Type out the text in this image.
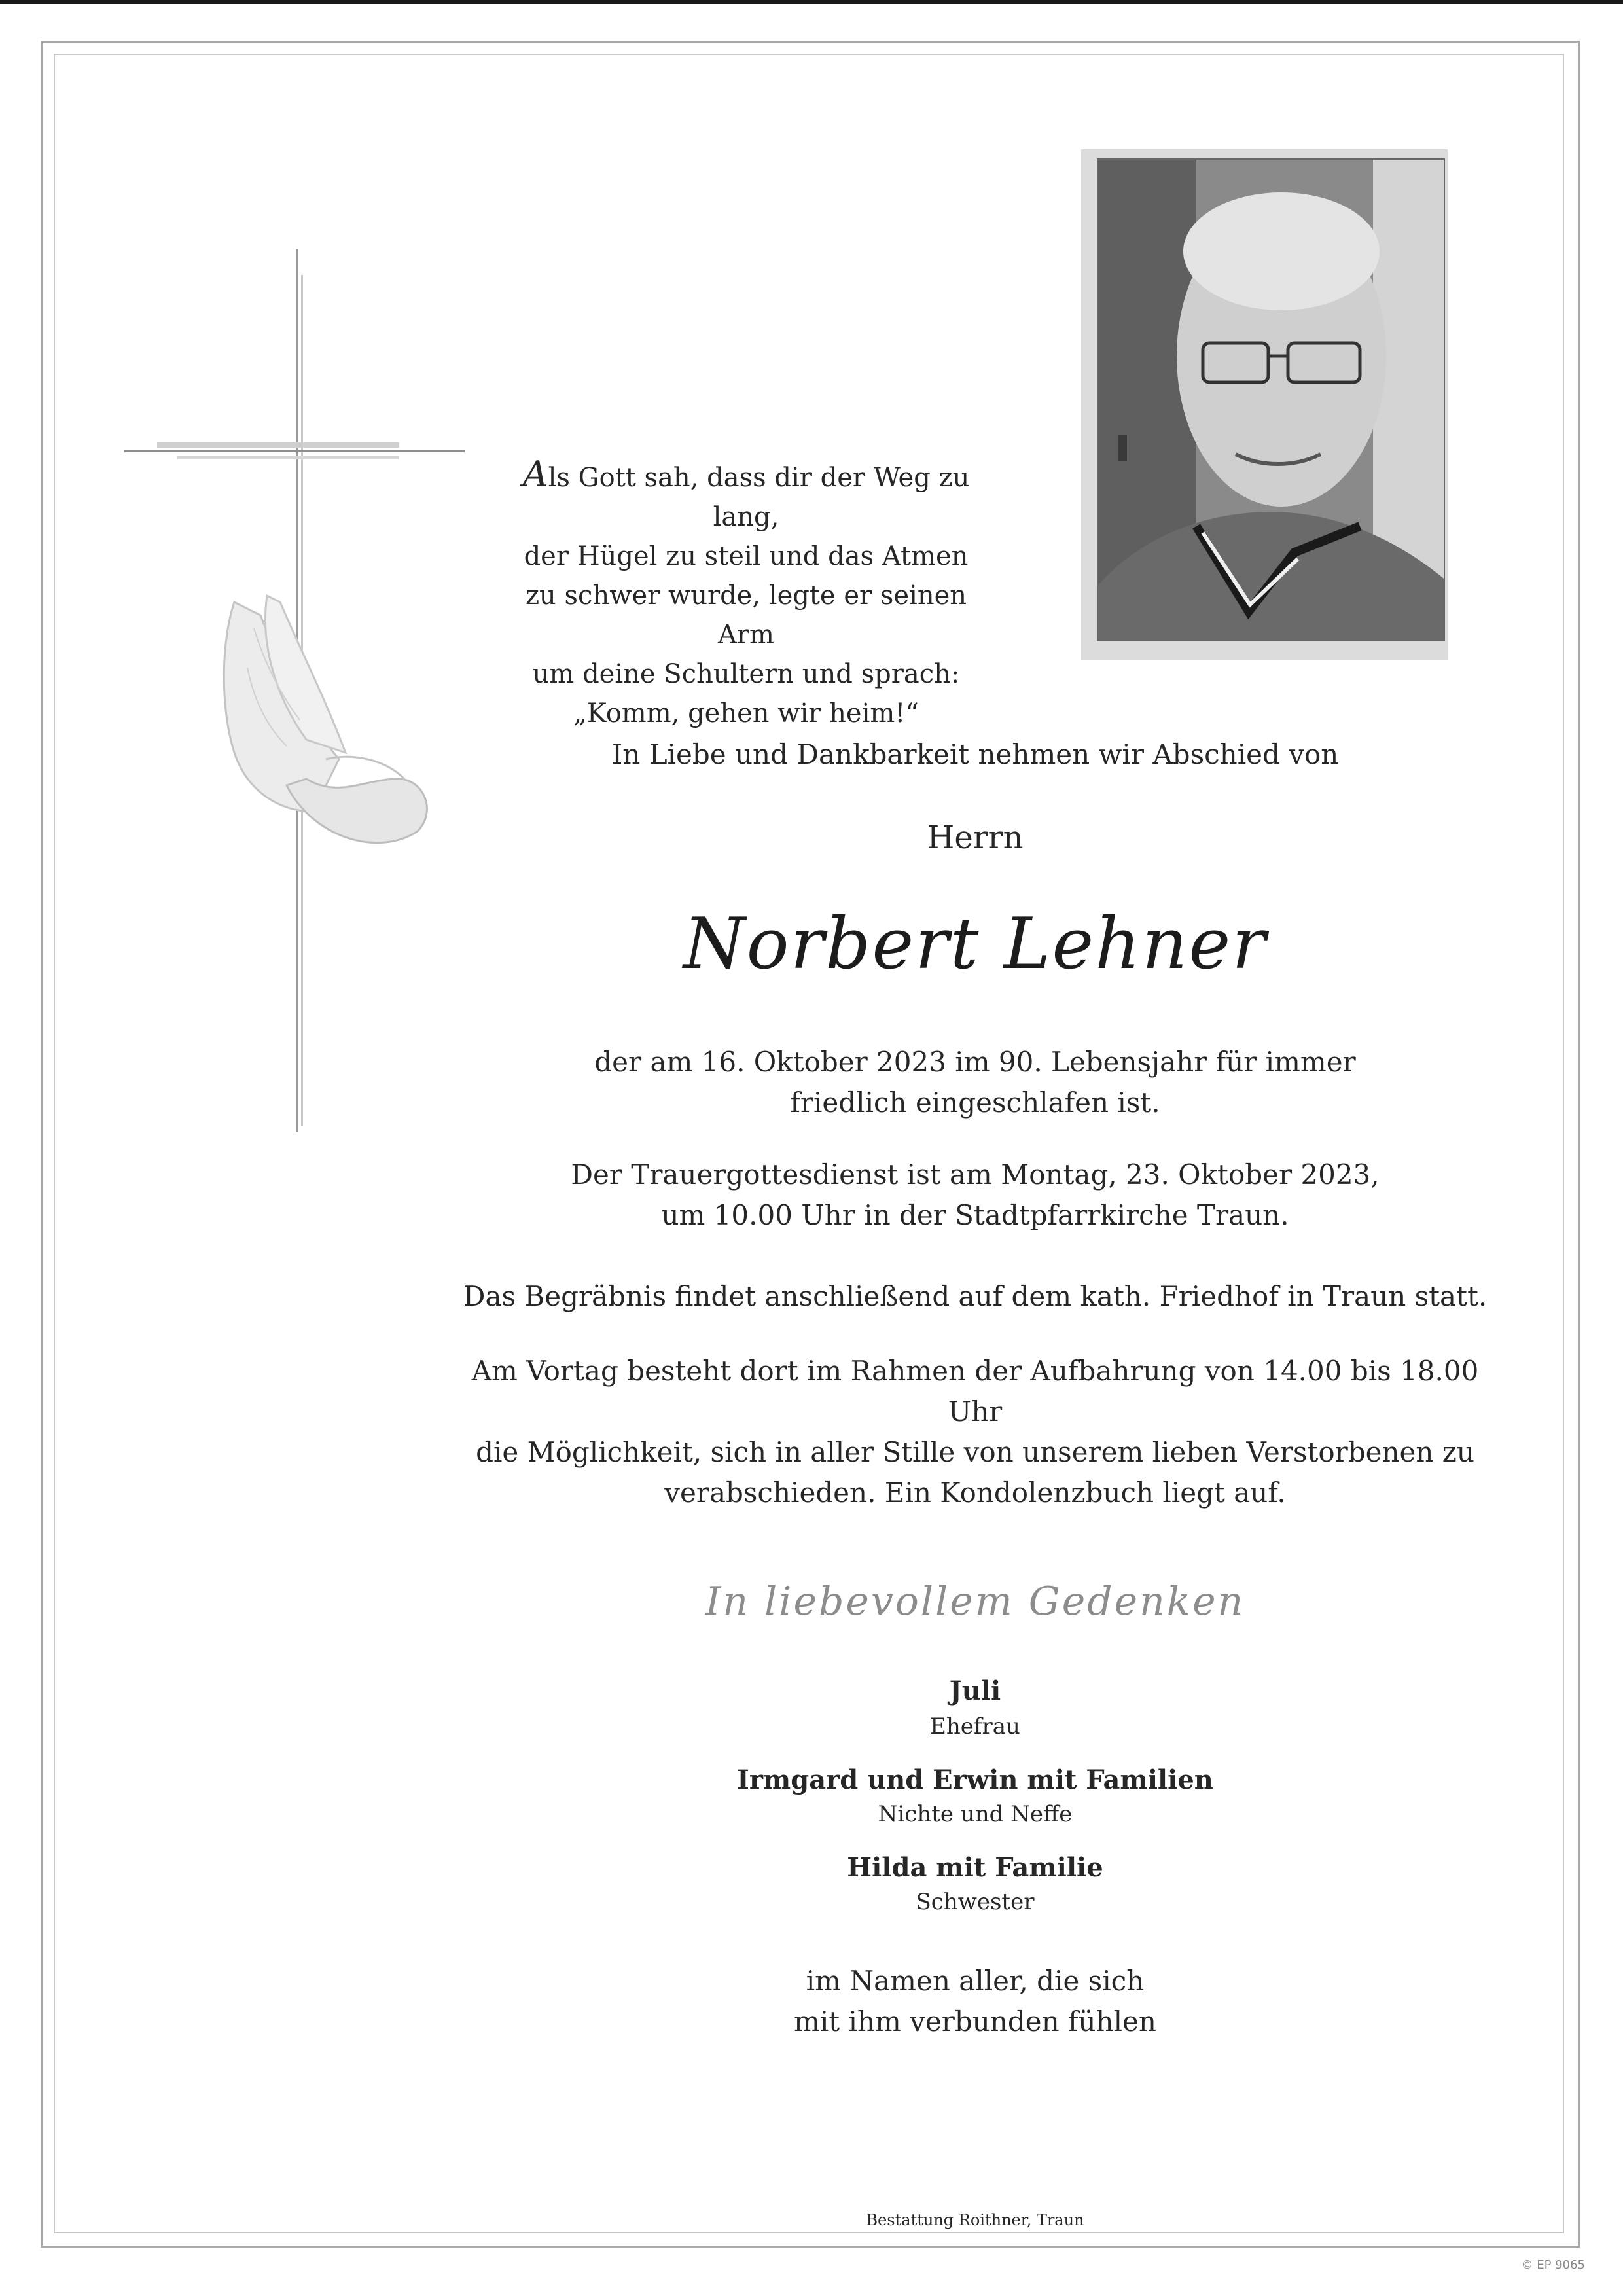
Als Gott sah, dass dir der Weg zu lang,
der Hügel zu steil und das Atmen
zu schwer wurde, legte er seinen Arm
um deine Schultern und sprach:
„Komm, gehen wir heim!“
In Liebe und Dankbarkeit nehmen wir Abschied von
Herrn
Norbert Lehner
der am 16. Oktober 2023 im 90. Lebensjahr für immer
friedlich eingeschlafen ist.
Der Trauergottesdienst ist am Montag, 23. Oktober 2023,
um 10.00 Uhr in der Stadtpfarrkirche Traun.
Das Begräbnis findet anschließend auf dem kath. Friedhof in Traun statt.
Am Vortag besteht dort im Rahmen der Aufbahrung von 14.00 bis 18.00 Uhr
die Möglichkeit, sich in aller Stille von unserem lieben Verstorbenen zu
verabschieden. Ein Kondolenzbuch liegt auf.
In liebevollem Gedenken
Juli
Ehefrau
Irmgard und Erwin mit Familien
Nichte und Neffe
Hilda mit Familie
Schwester
im Namen aller, die sich
mit ihm verbunden fühlen
Bestattung Roithner, Traun
© EP 9065
